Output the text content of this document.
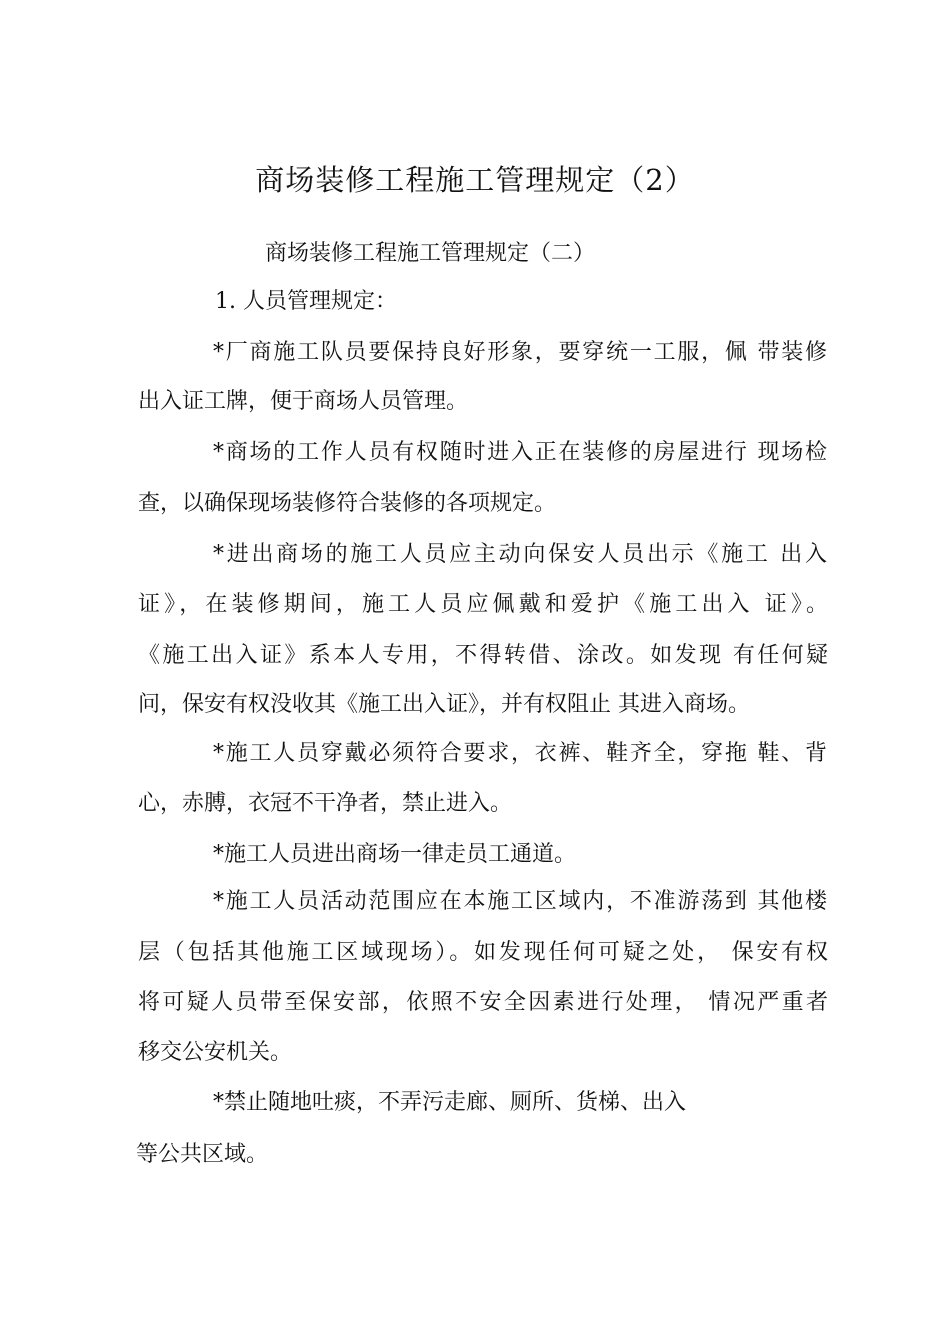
商场装修工程施工管理规定（2）
商场装修工程施工管理规定（二）
1. 人员管理规定：
*厂商施工队员要保持良好形象，要穿统一工服，佩 带装修
出入证工牌，便于商场人员管理。
*商场的工作人员有权随时进入正在装修的房屋进行 现场检
查，以确保现场装修符合装修的各项规定。
*进出商场的施工人员应主动向保安人员出示《施工 出入
证》，在装修期间，施工人员应佩戴和爱护《施工出入 证》。
《施工出入证》系本人专用，不得转借、涂改。如发现 有任何疑
问，保安有权没收其《施工出入证》，并有权阻止 其进入商场。
*施工人员穿戴必须符合要求，衣裤、鞋齐全，穿拖 鞋、背
心，赤膊，衣冠不干净者，禁止进入。
*施工人员进出商场一律走员工通道。
*施工人员活动范围应在本施工区域内，不准游荡到 其他楼
层（包括其他施工区域现场）。如发现任何可疑之处， 保安有权
将可疑人员带至保安部，依照不安全因素进行处理， 情况严重者
移交公安机关。
*禁止随地吐痰，不弄污走廊、厕所、货梯、出入
等公共区域。
